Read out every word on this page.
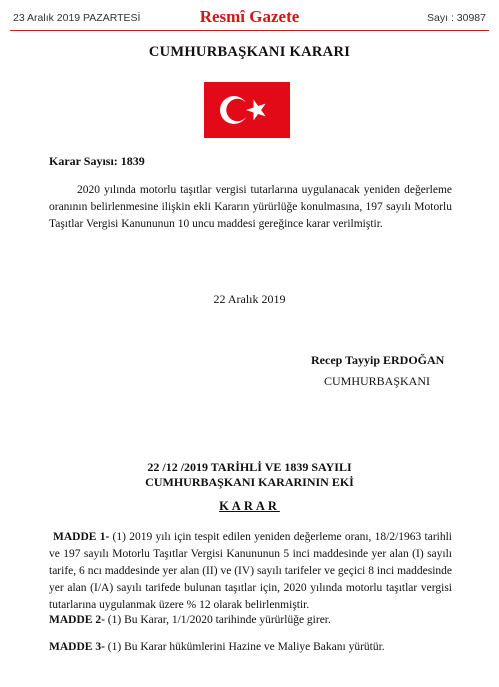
23 Aralık 2019 PAZARTESİ	Resmî Gazete	Sayı : 30987
CUMHURBAŞKANI KARARI
Karar Sayısı: 1839
2020 yılında motorlu taşıtlar vergisi tutarlarına uygulanacak yeniden değerleme oranının belirlenmesine ilişkin ekli Kararın yürürlüğe konulmasına, 197 sayılı Motorlu Taşıtlar Vergisi Kanununun 10 uncu maddesi gereğince karar verilmiştir.
22 Aralık 2019
Recep Tayyip ERDOĞAN
CUMHURBAŞKANI
22 /12 /2019 TARİHLİ VE 1839 SAYILI
CUMHURBAŞKANI KARARININ EKİ
KARAR
MADDE 1- (1) 2019 yılı için tespit edilen yeniden değerleme oranı, 18/2/1963 tarihli ve 197 sayılı Motorlu Taşıtlar Vergisi Kanununun 5 inci maddesinde yer alan (I) sayılı tarife, 6 ncı maddesinde yer alan (II) ve (IV) sayılı tarifeler ve geçici 8 inci maddesinde yer alan (I/A) sayılı tarifede bulunan taşıtlar için, 2020 yılında motorlu taşıtlar vergisi tutarlarına uygulanmak üzere % 12 olarak belirlenmiştir.
MADDE 2- (1) Bu Karar, 1/1/2020 tarihinde yürürlüğe girer.
MADDE 3- (1) Bu Karar hükümlerini Hazine ve Maliye Bakanı yürütür.
